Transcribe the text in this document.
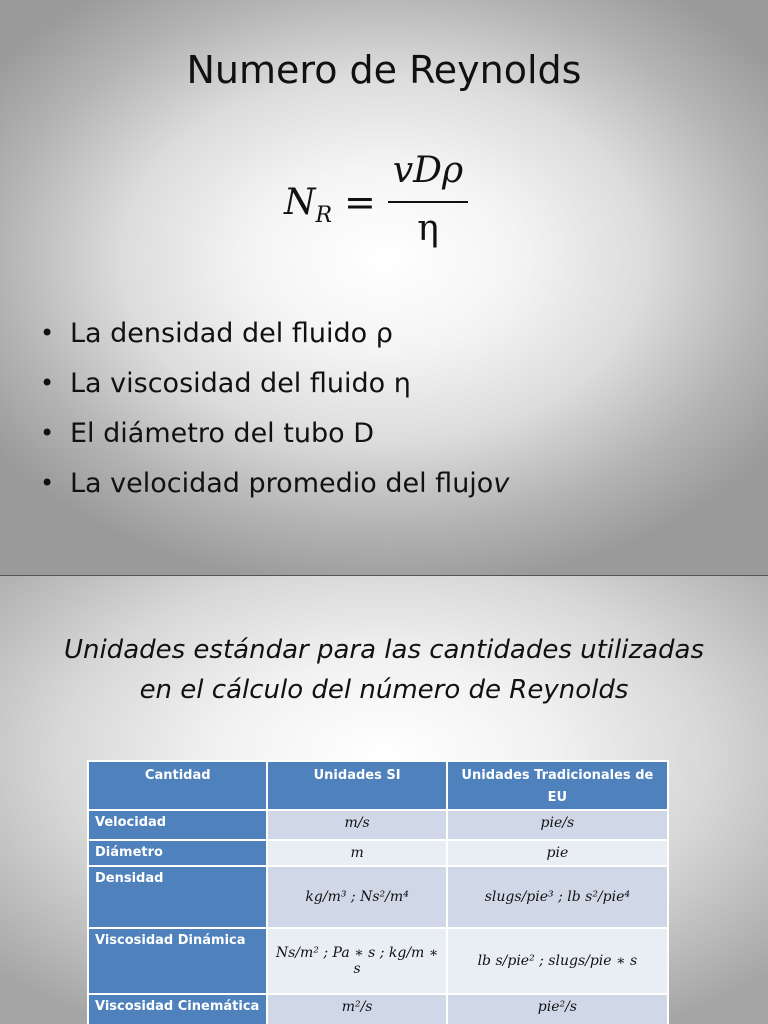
Numero de Reynolds
$N_R$ =
vDρ
η
• La densidad del fluido ρ
• La viscosidad del fluido η
• El diámetro del tubo D
• La velocidad promedio del flujo v
Unidades estándar para las cantidades utilizadas
en el cálculo del número de Reynolds
Cantidad	Unidades SI	Unidades Tradicionales de EU
Velocidad	m/s	pie/s
Diámetro	m	pie
Densidad	kg/m³ ; Ns²/m⁴	slugs/pie³ ; lb s²/pie⁴
Viscosidad Dinámica	Ns/m² ; Pa ∗ s ; kg/m ∗ s	lb s/pie² ; slugs/pie ∗ s
Viscosidad Cinemática	m²/s	pie²/s
